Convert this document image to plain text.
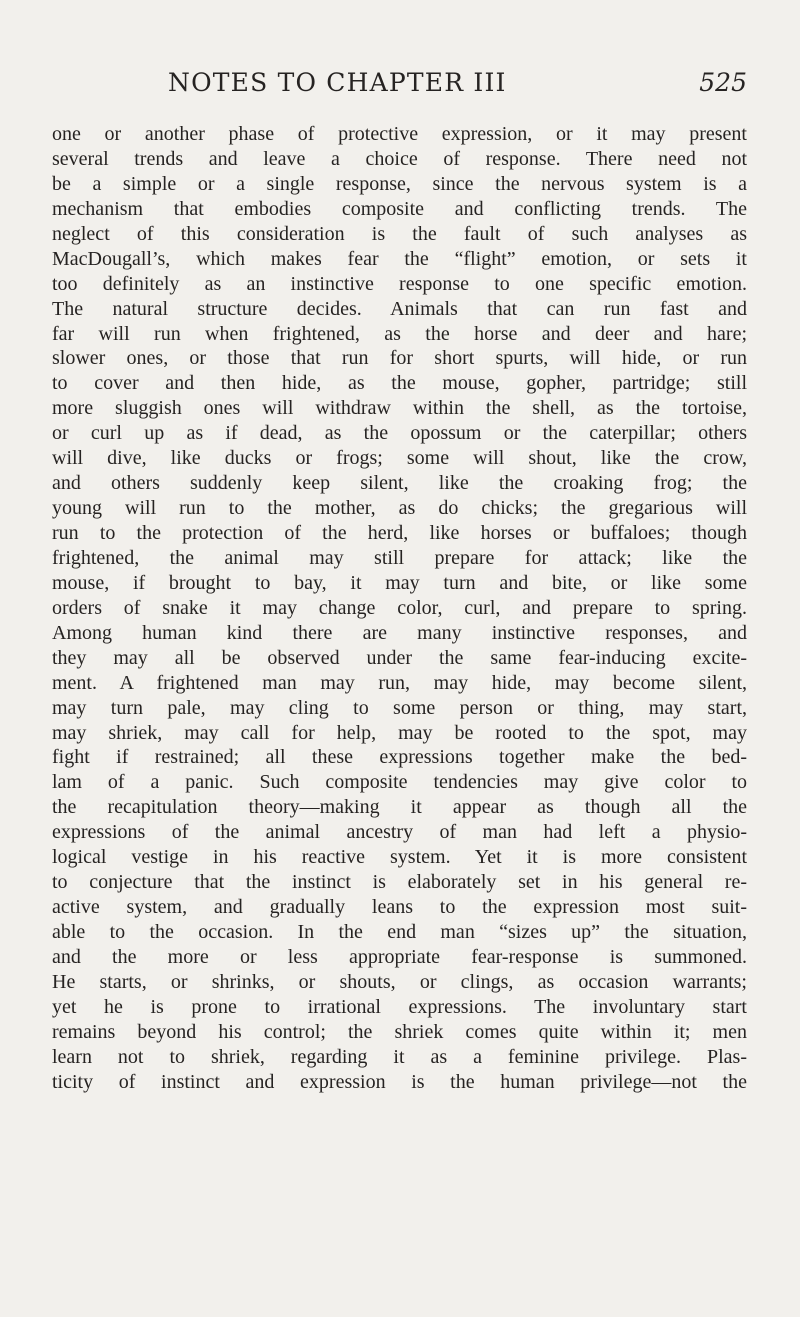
NOTES TO CHAPTER III	525
one or another phase of protective expression, or it may present
several trends and leave a choice of response. There need not
be a simple or a single response, since the nervous system is a
mechanism that embodies composite and conflicting trends. The
neglect of this consideration is the fault of such analyses as
MacDougall’s, which makes fear the “flight” emotion, or sets it
too definitely as an instinctive response to one specific emotion.
The natural structure decides. Animals that can run fast and
far will run when frightened, as the horse and deer and hare;
slower ones, or those that run for short spurts, will hide, or run
to cover and then hide, as the mouse, gopher, partridge; still
more sluggish ones will withdraw within the shell, as the tortoise,
or curl up as if dead, as the opossum or the caterpillar; others
will dive, like ducks or frogs; some will shout, like the crow,
and others suddenly keep silent, like the croaking frog; the
young will run to the mother, as do chicks; the gregarious will
run to the protection of the herd, like horses or buffaloes; though
frightened, the animal may still prepare for attack; like the
mouse, if brought to bay, it may turn and bite, or like some
orders of snake it may change color, curl, and prepare to spring.
Among human kind there are many instinctive responses, and
they may all be observed under the same fear-inducing excite-
ment. A frightened man may run, may hide, may become silent,
may turn pale, may cling to some person or thing, may start,
may shriek, may call for help, may be rooted to the spot, may
fight if restrained; all these expressions together make the bed-
lam of a panic. Such composite tendencies may give color to
the recapitulation theory—making it appear as though all the
expressions of the animal ancestry of man had left a physio-
logical vestige in his reactive system. Yet it is more consistent
to conjecture that the instinct is elaborately set in his general re-
active system, and gradually leans to the expression most suit-
able to the occasion. In the end man “sizes up” the situation,
and the more or less appropriate fear-response is summoned.
He starts, or shrinks, or shouts, or clings, as occasion warrants;
yet he is prone to irrational expressions. The involuntary start
remains beyond his control; the shriek comes quite within it; men
learn not to shriek, regarding it as a feminine privilege. Plas-
ticity of instinct and expression is the human privilege—not the
